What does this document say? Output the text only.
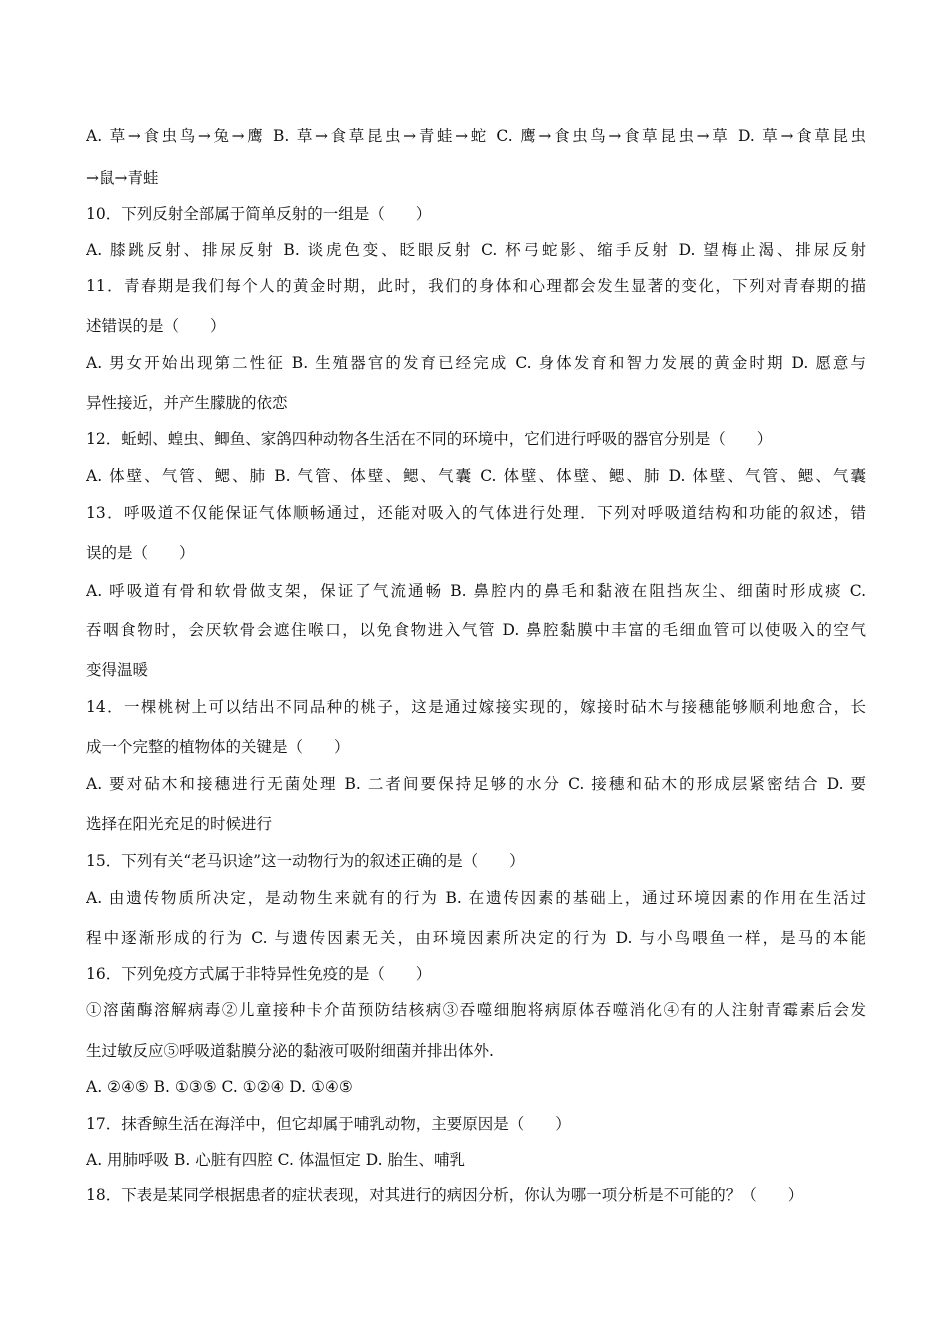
A. 草→食虫鸟→兔→鹰 B. 草→食草昆虫→青蛙→蛇 C. 鹰→食虫鸟→食草昆虫→草 D. 草→食草昆虫
→鼠→青蛙
10．下列反射全部属于简单反射的一组是（　　）
A. 膝跳反射、排尿反射 B. 谈虎色变、眨眼反射 C. 杯弓蛇影、缩手反射 D. 望梅止渴、排尿反射
11．青春期是我们每个人的黄金时期，此时，我们的身体和心理都会发生显著的变化，下列对青春期的描
述错误的是（　　）
A. 男女开始出现第二性征 B. 生殖器官的发育已经完成 C. 身体发育和智力发展的黄金时期 D. 愿意与
异性接近，并产生朦胧的依恋
12．蚯蚓、蝗虫、鲫鱼、家鸽四种动物各生活在不同的环境中，它们进行呼吸的器官分别是（　　）
A. 体壁、气管、鳃、肺 B. 气管、体壁、鳃、气囊 C. 体壁、体壁、鳃、肺 D. 体壁、气管、鳃、气囊
13．呼吸道不仅能保证气体顺畅通过，还能对吸入的气体进行处理．下列对呼吸道结构和功能的叙述，错
误的是（　　）
A. 呼吸道有骨和软骨做支架，保证了气流通畅 B. 鼻腔内的鼻毛和黏液在阻挡灰尘、细菌时形成痰 C.
吞咽食物时，会厌软骨会遮住喉口，以免食物进入气管 D. 鼻腔黏膜中丰富的毛细血管可以使吸入的空气
变得温暖
14．一棵桃树上可以结出不同品种的桃子，这是通过嫁接实现的，嫁接时砧木与接穗能够顺利地愈合，长
成一个完整的植物体的关键是（　　）
A. 要对砧木和接穗进行无菌处理 B. 二者间要保持足够的水分 C. 接穗和砧木的形成层紧密结合 D. 要
选择在阳光充足的时候进行
15．下列有关“老马识途”这一动物行为的叙述正确的是（　　）
A. 由遗传物质所决定，是动物生来就有的行为 B. 在遗传因素的基础上，通过环境因素的作用在生活过
程中逐渐形成的行为 C. 与遗传因素无关，由环境因素所决定的行为 D. 与小鸟喂鱼一样，是马的本能
16．下列免疫方式属于非特异性免疫的是（　　）
①溶菌酶溶解病毒②儿童接种卡介苗预防结核病③吞噬细胞将病原体吞噬消化④有的人注射青霉素后会发
生过敏反应⑤呼吸道黏膜分泌的黏液可吸附细菌并排出体外.
A. ②④⑤ B. ①③⑤ C. ①②④ D. ①④⑤
17．抹香鲸生活在海洋中，但它却属于哺乳动物，主要原因是（　　）
A. 用肺呼吸 B. 心脏有四腔 C. 体温恒定 D. 胎生、哺乳
18．下表是某同学根据患者的症状表现，对其进行的病因分析，你认为哪一项分析是不可能的？（　　）
